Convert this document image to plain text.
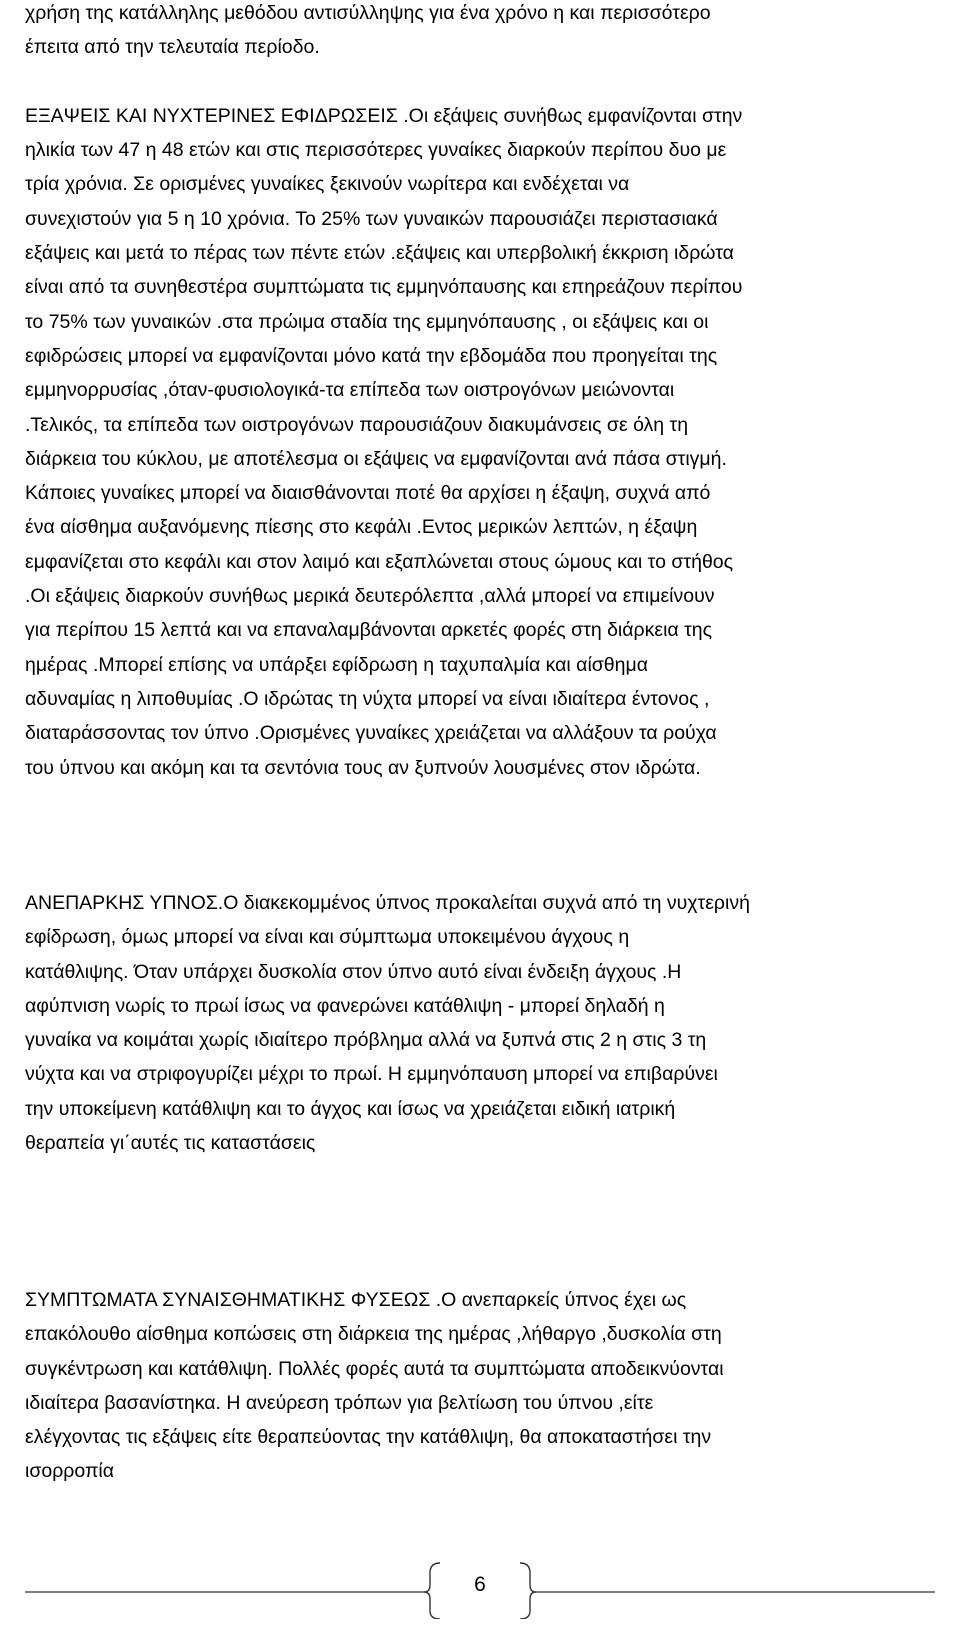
χρήση της κατάλληλης μεθόδου αντισύλληψης για ένα χρόνο η και περισσότερο

έπειτα από την τελευταία περίοδο.

ΕΞΑΨΕΙΣ ΚΑΙ ΝΥΧΤΕΡΙΝΕΣ ΕΦΙΔΡΩΣΕΙΣ .Οι εξάψεις συνήθως εμφανίζονται στην

ηλικία των 47 η 48 ετών και στις περισσότερες γυναίκες διαρκούν περίπου δυο με

τρία χρόνια. Σε ορισμένες γυναίκες ξεκινούν νωρίτερα και ενδέχεται να

συνεχιστούν για 5 η 10 χρόνια. Το 25% των γυναικών παρουσιάζει περιστασιακά

εξάψεις και μετά το πέρας των πέντε ετών .εξάψεις και υπερβολική έκκριση ιδρώτα

είναι από τα συνηθεστέρα συμπτώματα τις εμμηνόπαυσης και επηρεάζουν περίπου

το 75% των γυναικών .στα πρώιμα σταδία της εμμηνόπαυσης , οι εξάψεις και οι

εφιδρώσεις μπορεί να εμφανίζονται μόνο κατά την εβδομάδα που προηγείται της

εμμηνορρυσίας ,όταν-φυσιολογικά-τα επίπεδα των οιστρογόνων μειώνονται

.Τελικός, τα επίπεδα των οιστρογόνων παρουσιάζουν διακυμάνσεις σε όλη τη

διάρκεια του κύκλου, με αποτέλεσμα οι εξάψεις να εμφανίζονται ανά πάσα στιγμή.

Κάποιες γυναίκες μπορεί να διαισθάνονται ποτέ θα αρχίσει η έξαψη, συχνά από

ένα αίσθημα αυξανόμενης πίεσης στο κεφάλι .Εντος μερικών λεπτών, η έξαψη

εμφανίζεται στο κεφάλι και στον λαιμό και εξαπλώνεται στους ώμους και το στήθος

.Οι εξάψεις διαρκούν συνήθως μερικά δευτερόλεπτα ,αλλά μπορεί να επιμείνουν

για περίπου 15 λεπτά και να επαναλαμβάνονται αρκετές φορές στη διάρκεια της

ημέρας .Μπορεί επίσης να υπάρξει εφίδρωση η ταχυπαλμία και αίσθημα

αδυναμίας η λιποθυμίας .Ο ιδρώτας τη νύχτα μπορεί να είναι ιδιαίτερα έντονος ,

διαταράσσοντας τον ύπνο .Ορισμένες γυναίκες χρειάζεται να αλλάξουν τα ρούχα

του ύπνου και ακόμη και τα σεντόνια τους αν ξυπνούν λουσμένες στον ιδρώτα.

ΑΝΕΠΑΡΚΗΣ ΥΠΝΟΣ.Ο διακεκομμένος ύπνος προκαλείται συχνά από τη νυχτερινή

εφίδρωση, όμως μπορεί να είναι και σύμπτωμα υποκειμένου άγχους η

κατάθλιψης. Όταν υπάρχει δυσκολία στον ύπνο αυτό είναι ένδειξη άγχους .Η

αφύπνιση νωρίς το πρωί ίσως να φανερώνει κατάθλιψη - μπορεί δηλαδή η

γυναίκα να κοιμάται χωρίς ιδιαίτερο πρόβλημα αλλά να ξυπνά στις 2 η στις 3 τη

νύχτα και να στριφογυρίζει μέχρι το πρωί. Η εμμηνόπαυση μπορεί να επιβαρύνει

την υποκείμενη κατάθλιψη και το άγχος και ίσως να χρειάζεται ειδική ιατρική

θεραπεία γι΄αυτές τις καταστάσεις

ΣΥΜΠΤΩΜΑΤΑ ΣΥΝΑΙΣΘΗΜΑΤΙΚΗΣ ΦΥΣΕΩΣ .Ο ανεπαρκείς ύπνος έχει ως

επακόλουθο αίσθημα κοπώσεις στη διάρκεια της ημέρας ,λήθαργο ,δυσκολία στη

συγκέντρωση και κατάθλιψη. Πολλές φορές αυτά τα συμπτώματα αποδεικνύονται

ιδιαίτερα βασανίστηκα. Η ανεύρεση τρόπων για βελτίωση του ύπνου ,είτε

ελέγχοντας τις εξάψεις είτε θεραπεύοντας την κατάθλιψη, θα αποκαταστήσει την

ισορροπία

6
